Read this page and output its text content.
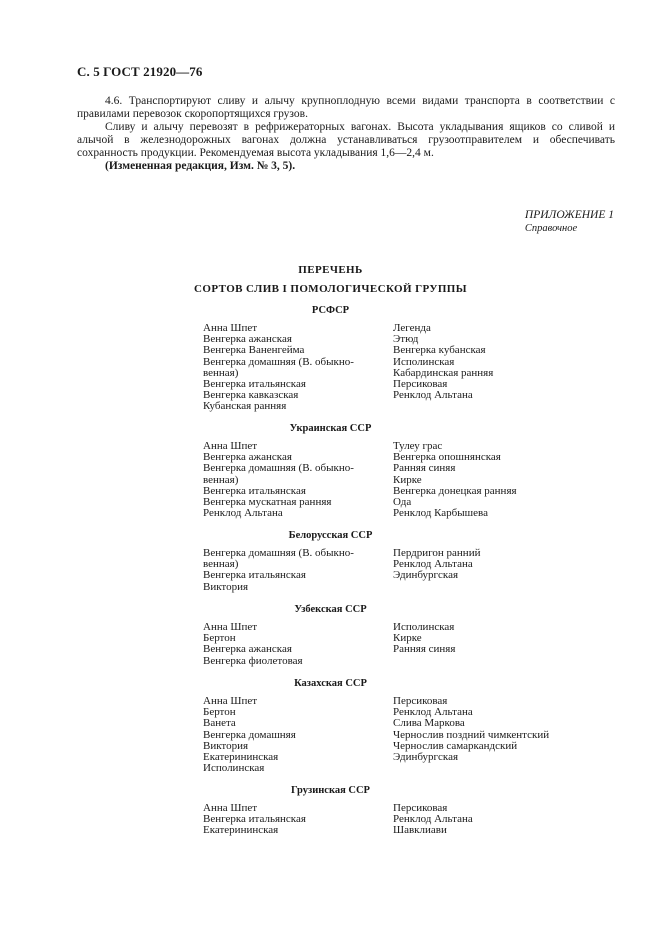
С. 5 ГОСТ 21920—76
4.6. Транспортируют сливу и алычу крупноплодную всеми видами транспорта в соответствии с правилами перевозок скоропортящихся грузов.
Сливу и алычу перевозят в рефрижераторных вагонах. Высота укладывания ящиков со сливой и алычой в железнодорожных вагонах должна устанавливаться грузоотправителем и обеспечивать сохранность продукции. Рекомендуемая высота укладывания 1,6—2,4 м.
(Измененная редакция, Изм. № 3, 5).
ПРИЛОЖЕНИЕ 1
Справочное
ПЕРЕЧЕНЬ
СОРТОВ СЛИВ I ПОМОЛОГИЧЕСКОЙ ГРУППЫ
РСФСР
Анна Шпет
Венгерка ажанская
Венгерка Ваненгейма
Венгерка домашняя (В. обыкно-
венная)
Венгерка итальянская
Венгерка кавказская
Кубанская ранняя
Легенда
Этюд
Венгерка кубанская
Исполинская
Кабардинская ранняя
Персиковая
Ренклод Альтана
Украинская ССР
Анна Шпет
Венгерка ажанская
Венгерка домашняя (В. обыкно-
венная)
Венгерка итальянская
Венгерка мускатная ранняя
Ренклод Альтана
Тулеу грас
Венгерка опошнянская
Ранняя синяя
Кирке
Венгерка донецкая ранняя
Ода
Ренклод Карбышева
Белорусская ССР
Венгерка домашняя (В. обыкно-
венная)
Венгерка итальянская
Виктория
Пердригон ранний
Ренклод Альтана
Эдинбургская
Узбекская ССР
Анна Шпет
Бертон
Венгерка ажанская
Венгерка фиолетовая
Исполинская
Кирке
Ранняя синяя
Казахская ССР
Анна Шпет
Бертон
Ванета
Венгерка домашняя
Виктория
Екатерининская
Исполинская
Персиковая
Ренклод Альтана
Слива Маркова
Чернослив поздний чимкентский
Чернослив самаркандский
Эдинбургская
Грузинская ССР
Анна Шпет
Венгерка итальянская
Екатерининская
Персиковая
Ренклод Альтана
Шавклиави
